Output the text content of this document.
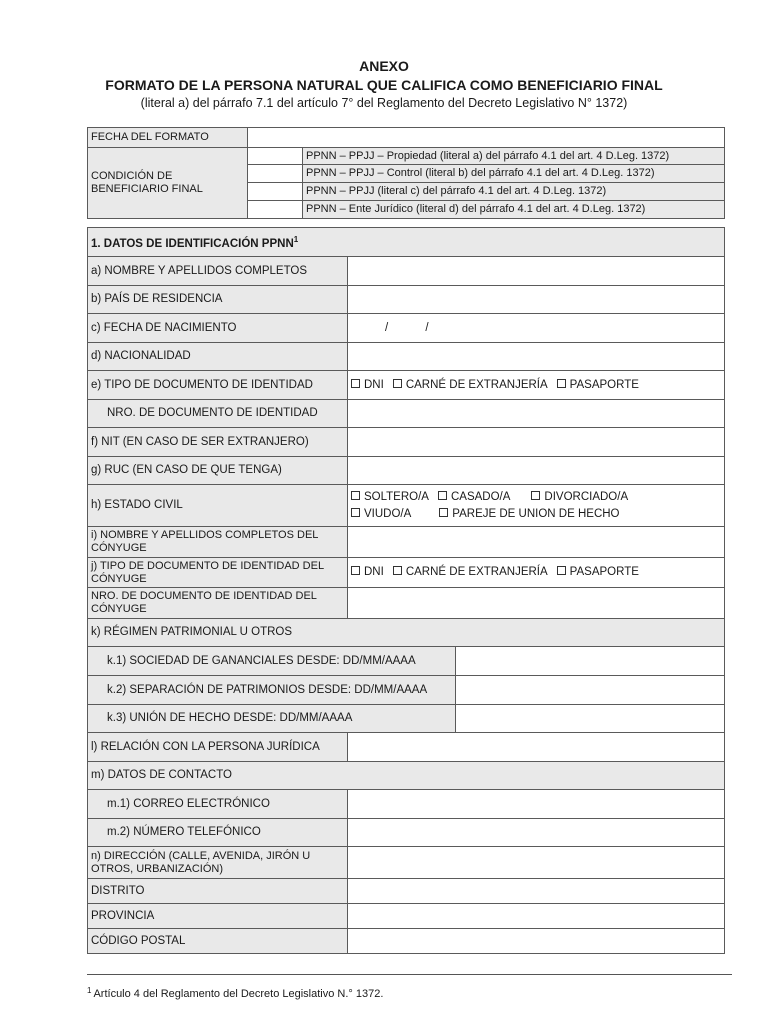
ANEXO
FORMATO DE LA PERSONA NATURAL QUE CALIFICA COMO BENEFICIARIO FINAL
(literal a) del párrafo 7.1 del artículo 7° del Reglamento del Decreto Legislativo N° 1372)
FECHA DEL FORMATO		
CONDICIÓN DE BENEFICIARIO FINAL		PPNN – PPJJ – Propiedad (literal a) del párrafo 4.1 del art. 4 D.Leg. 1372)
		PPNN – PPJJ – Control (literal b) del párrafo 4.1 del art. 4 D.Leg. 1372)
		PPNN – PPJJ (literal c) del párrafo 4.1 del art. 4 D.Leg. 1372)
		PPNN – Ente Jurídico (literal d) del párrafo 4.1 del art. 4 D.Leg. 1372)
1. DATOS DE IDENTIFICACIÓN PPNN$^1$
a) NOMBRE Y APELLIDOS COMPLETOS		
b) PAÍS DE RESIDENCIA		
c) FECHA DE NACIMIENTO	/ /	
d) NACIONALIDAD		
e) TIPO DE DOCUMENTO DE IDENTIDAD	DNI CARNÉ DE EXTRANJERÍA PASAPORTE	
NRO. DE DOCUMENTO DE IDENTIDAD		
f) NIT (EN CASO DE SER EXTRANJERO)		
g) RUC (EN CASO DE QUE TENGA)		
h) ESTADO CIVIL	SOLTERO/A CASADO/A DIVORCIADO/A
VIUDO/A PAREJE DE UNION DE HECHO	
i) NOMBRE Y APELLIDOS COMPLETOS DEL CÓNYUGE		
j) TIPO DE DOCUMENTO DE IDENTIDAD DEL CÓNYUGE	DNI CARNÉ DE EXTRANJERÍA PASAPORTE	
NRO. DE DOCUMENTO DE IDENTIDAD DEL CÓNYUGE		
k) RÉGIMEN PATRIMONIAL U OTROS		
k.1) SOCIEDAD DE GANANCIALES DESDE: DD/MM/AAAA		
k.2) SEPARACIÓN DE PATRIMONIOS DESDE: DD/MM/AAAA		
k.3) UNIÓN DE HECHO DESDE: DD/MM/AAAA		
l) RELACIÓN CON LA PERSONA JURÍDICA		
m) DATOS DE CONTACTO		
m.1) CORREO ELECTRÓNICO		
m.2) NÚMERO TELEFÓNICO		
n) DIRECCIÓN (CALLE, AVENIDA, JIRÓN U OTROS, URBANIZACIÓN)		
DISTRITO		
PROVINCIA		
CÓDIGO POSTAL		
$^1$ Artículo 4 del Reglamento del Decreto Legislativo N.° 1372.
